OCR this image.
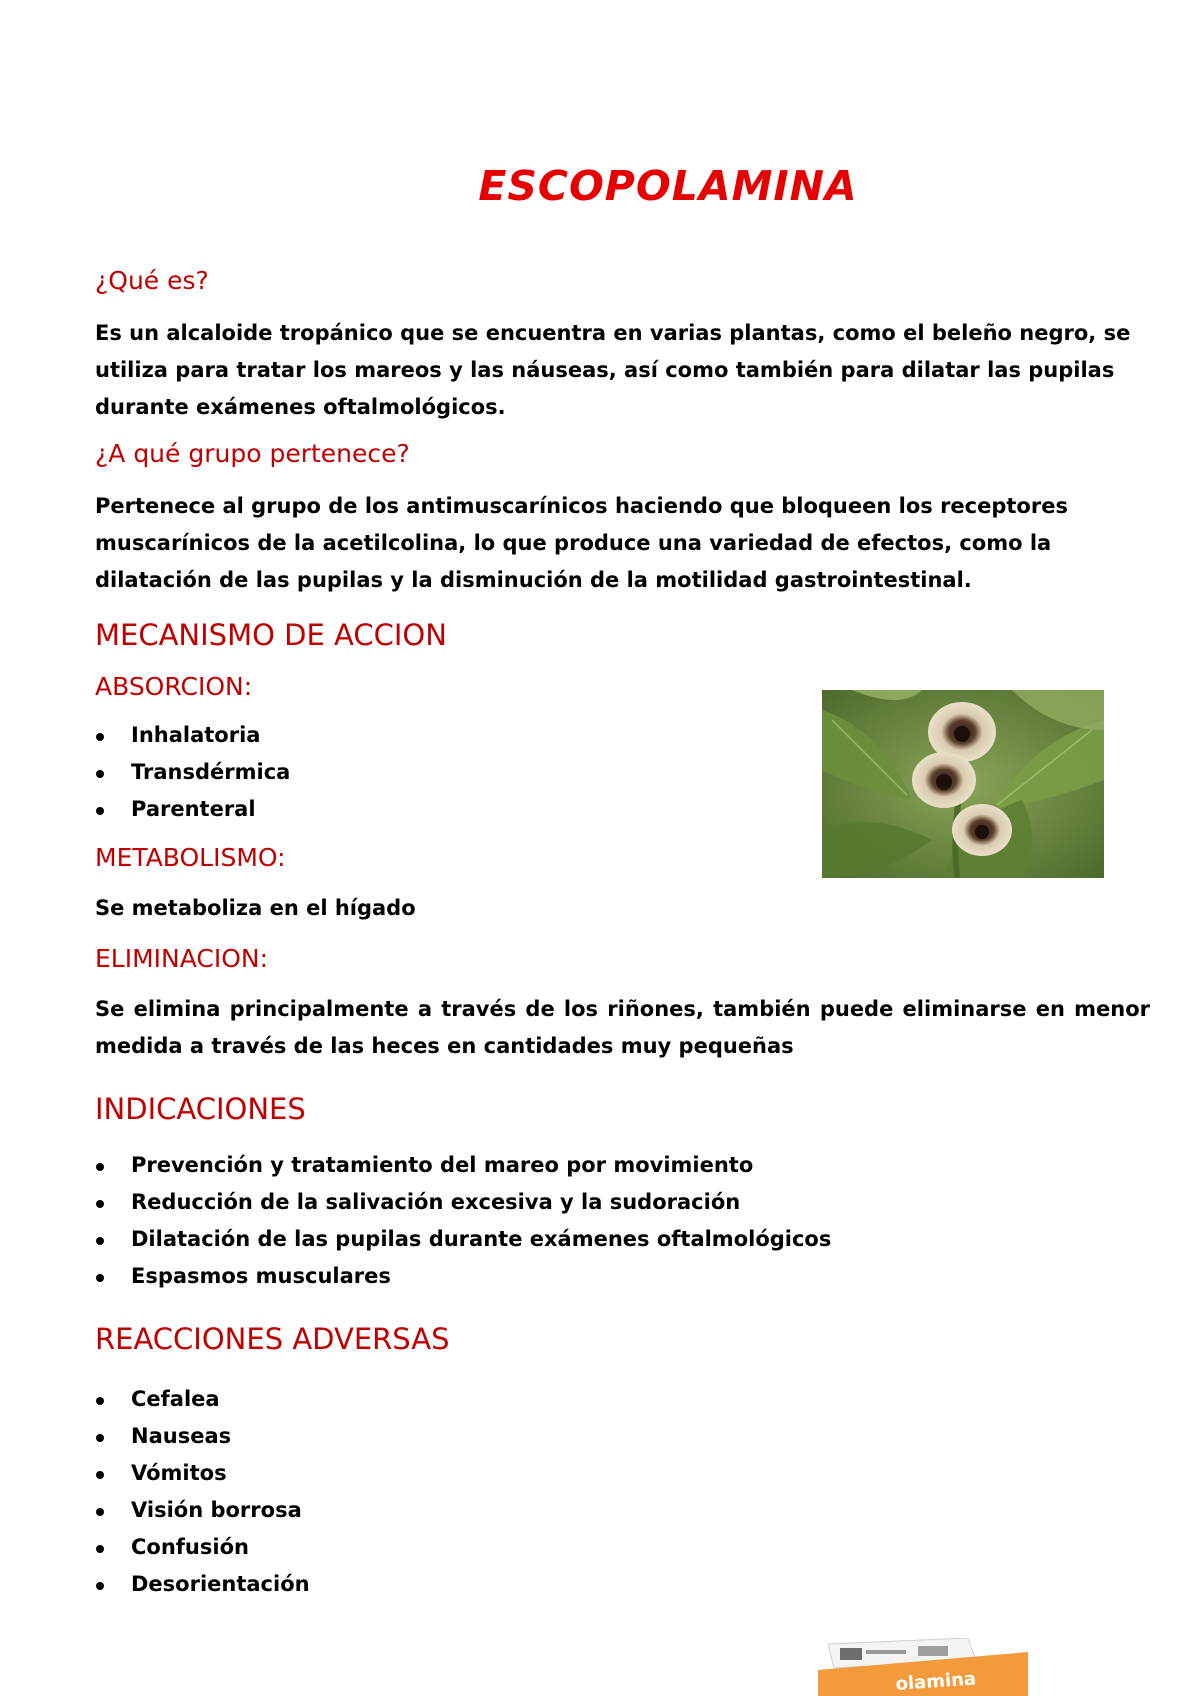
ESCOPOLAMINA
¿Qué es?

Es un alcaloide tropánico que se encuentra en varias plantas, como el beleño negro, se
utiliza para tratar los mareos y las náuseas, así como también para dilatar las pupilas
durante exámenes oftalmológicos.

¿A qué grupo pertenece?

Pertenece al grupo de los antimuscarínicos haciendo que bloqueen los receptores
muscarínicos de la acetilcolina, lo que produce una variedad de efectos, como la
dilatación de las pupilas y la disminución de la motilidad gastrointestinal.

MECANISMO DE ACCION
ABSORCION:
Inhalatoria
Transdérmica
Parenteral
METABOLISMO:

Se metaboliza en el hígado

ELIMINACION:

Se elimina principalmente a través de los riñones, también puede eliminarse en menor medida a través de las heces en cantidades muy pequeñas

INDICACIONES
Prevención y tratamiento del mareo por movimiento
Reducción de la salivación excesiva y la sudoración
Dilatación de las pupilas durante exámenes oftalmológicos
Espasmos musculares
REACCIONES ADVERSAS
Cefalea
Nauseas
Vómitos
Visión borrosa
Confusión
Desorientación
olamina
